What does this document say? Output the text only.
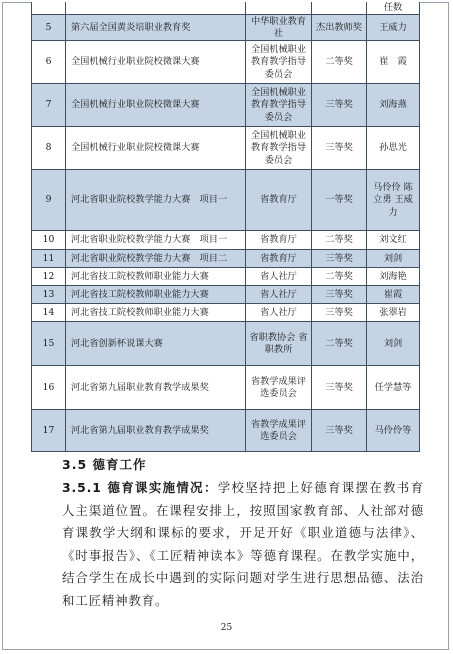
				任数
5	第六届全国黄炎培职业教育奖	中华职业教育社	杰出教师奖	王威力
6	全国机械行业职业院校微课大赛	全国机械职业教育教学指导委员会	二等奖	崔　霞
7	全国机械行业职业院校微课大赛	全国机械职业教育教学指导委员会	三等奖	刘海燕
8	全国机械行业职业院校微课大赛	全国机械职业教育教学指导委员会	三等奖	孙思光
9	河北省职业院校教学能力大赛　项目一	省教育厅	一等奖	马伶伶 陈立勇 王威力
10	河北省职业院校教学能力大赛　项目一	省教育厅	二等奖	刘文红
11	河北省职业院校教学能力大赛　项目二	省教育厅	三等奖	刘剑
12	河北省技工院校教师职业能力大赛	省人社厅	二等奖	刘海艳
13	河北省技工院校教师职业能力大赛	省人社厅	三等奖	崔霞
14	河北省技工院校教师职业能力大赛	省人社厅	三等奖	张翠岩
15	河北省创新杯说课大赛	省职教协会 省职教所	二等奖	刘剑
16	河北省第九届职业教育教学成果奖	省教学成果评选委员会	三等奖	任学慧等
17	河北省第九届职业教育教学成果奖	省教学成果评选委员会	三等奖	马伶伶等
3.5 德育工作
3.5.1 德育课实施情况：学校坚持把上好德育课摆在教书育人主渠道位置。在课程安排上，按照国家教育部、人社部对德育课教学大纲和课标的要求，开足开好《职业道德与法律》、《时事报告》、《工匠精神读本》等德育课程。在教学实施中，结合学生在成长中遇到的实际问题对学生进行思想品德、法治和工匠精神教育。
25
